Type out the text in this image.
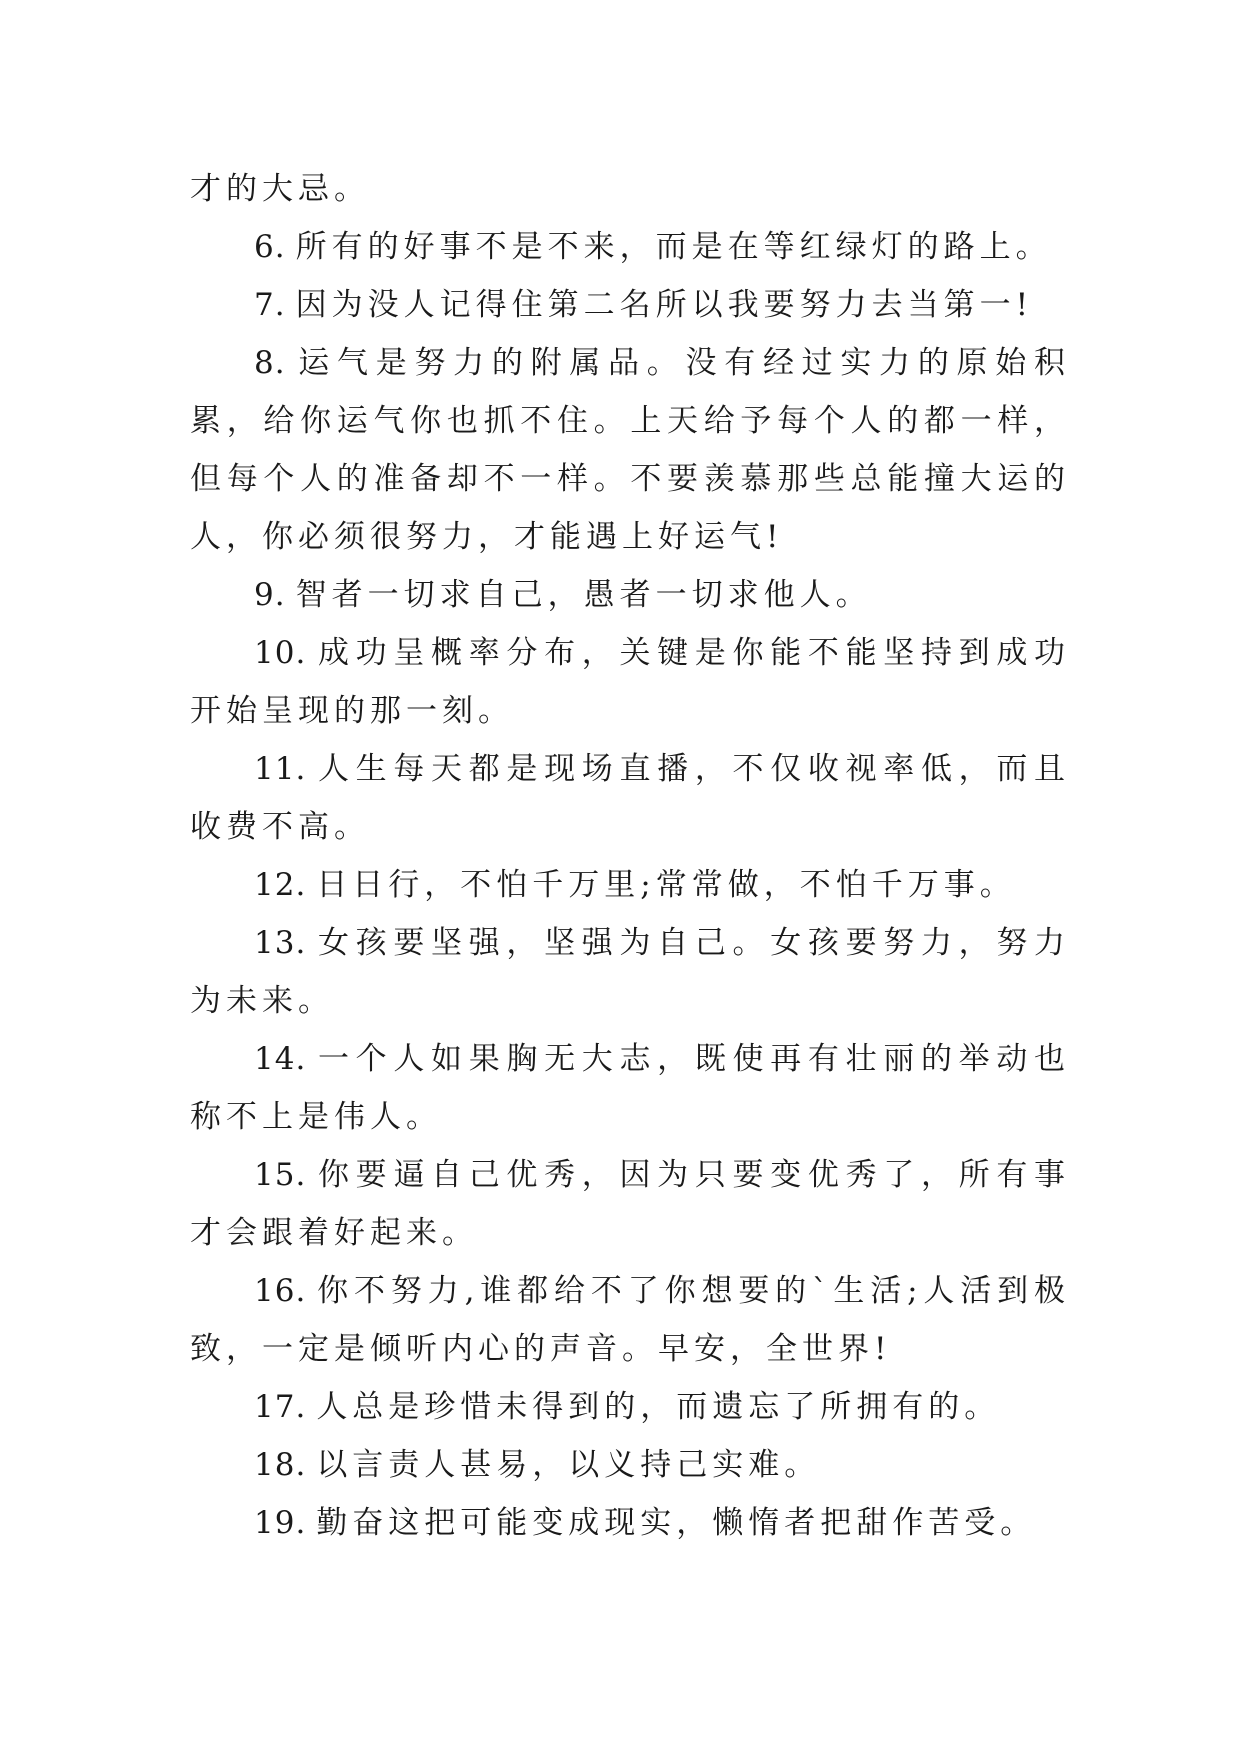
才的大忌。

6. 所有的好事不是不来，而是在等红绿灯的路上。

7. 因为没人记得住第二名所以我要努力去当第一!

8. 运气是努力的附属品。没有经过实力的原始积累，给你运气你也抓不住。上天给予每个人的都一样，但每个人的准备却不一样。不要羡慕那些总能撞大运的人，你必须很努力，才能遇上好运气!

9. 智者一切求自己，愚者一切求他人。

10. 成功呈概率分布，关键是你能不能坚持到成功开始呈现的那一刻。

11. 人生每天都是现场直播，不仅收视率低，而且收费不高。

12. 日日行，不怕千万里;常常做，不怕千万事。

13. 女孩要坚强，坚强为自己。女孩要努力，努力为未来。

14. 一个人如果胸无大志，既使再有壮丽的举动也称不上是伟人。

15. 你要逼自己优秀，因为只要变优秀了，所有事才会跟着好起来。

16. 你不努力,谁都给不了你想要的`生活;人活到极致，一定是倾听内心的声音。早安，全世界!

17. 人总是珍惜未得到的，而遗忘了所拥有的。

18. 以言责人甚易，以义持己实难。

19. 勤奋这把可能变成现实，懒惰者把甜作苦受。
